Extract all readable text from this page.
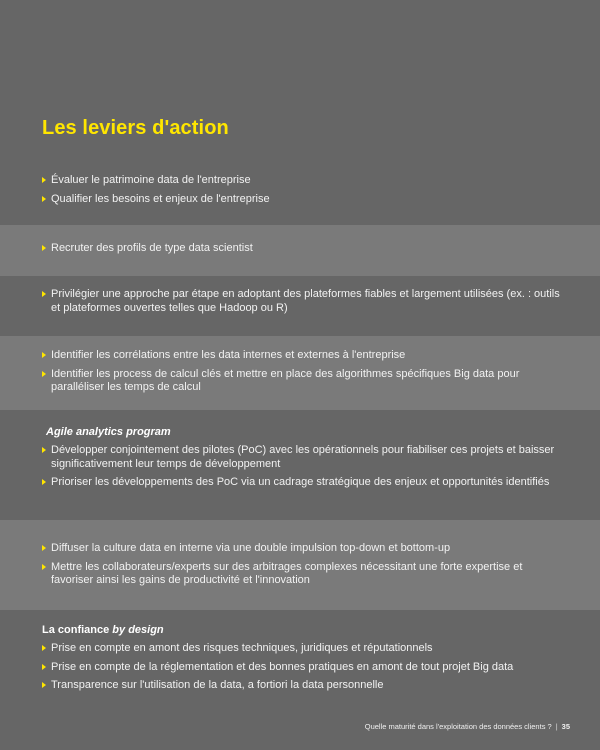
Les leviers d'action
Évaluer le patrimoine data de l'entreprise
Qualifier les besoins et enjeux de l'entreprise
Recruter des profils de type data scientist
Privilégier une approche par étape en adoptant des plateformes fiables et largement utilisées (ex. : outils et plateformes ouvertes telles que Hadoop ou R)
Identifier les corrélations entre les data internes et externes à l'entreprise
Identifier les process de calcul clés et mettre en place des algorithmes spécifiques Big data pour paralléliser les temps de calcul
Agile analytics program
Développer conjointement des pilotes (PoC) avec les opérationnels pour fiabiliser ces projets et baisser significativement leur temps de développement
Prioriser les développements des PoC via un cadrage stratégique des enjeux et opportunités identifiés
Diffuser la culture data en interne via une double impulsion top-down et bottom-up
Mettre les collaborateurs/experts sur des arbitrages complexes nécessitant une forte expertise et favoriser ainsi les gains de productivité et l'innovation
La confiance by design
Prise en compte en amont des risques techniques, juridiques et réputationnels
Prise en compte de la réglementation et des bonnes pratiques en amont de tout projet Big data
Transparence sur l'utilisation de la data, a fortiori la data personnelle
Quelle maturité dans l'exploitation des données clients ? | 35
